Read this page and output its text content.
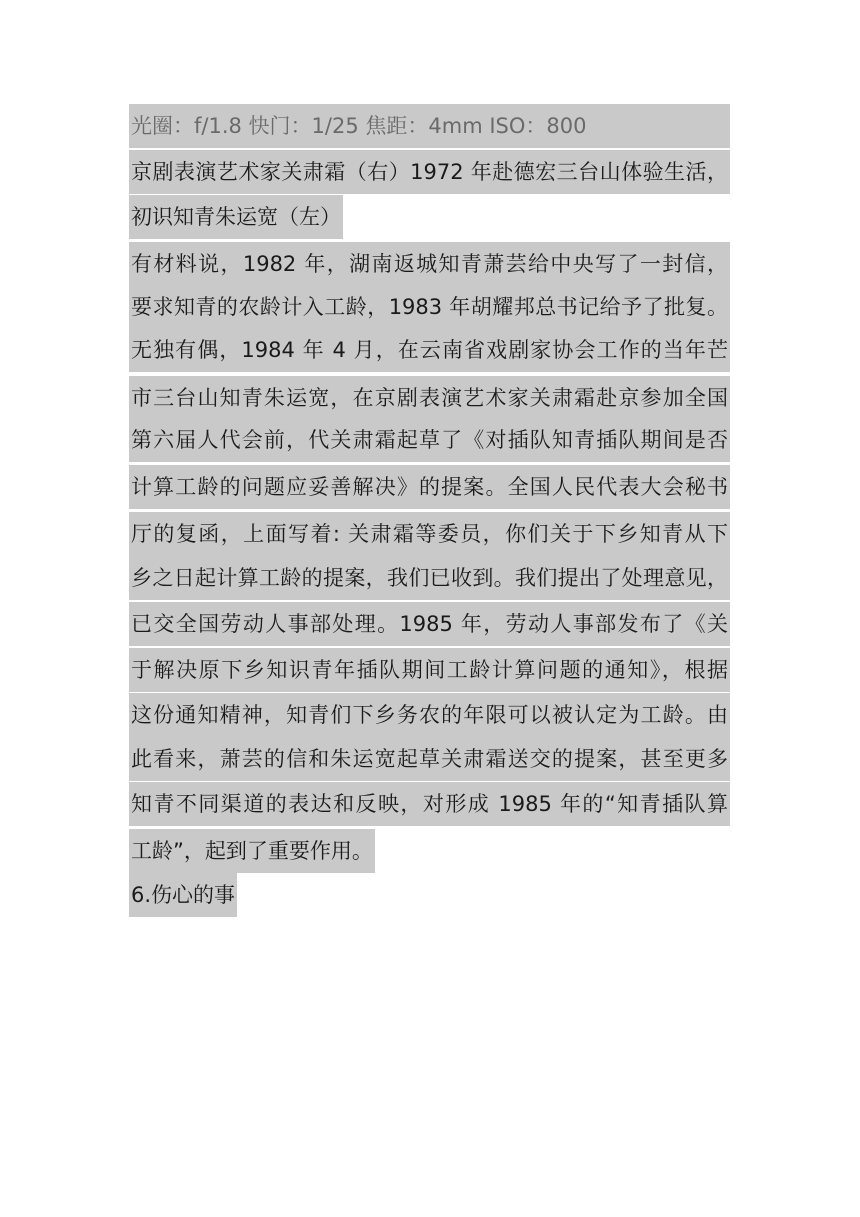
光圈：f/1.8 快门：1/25 焦距：4mm ISO：800
京剧表演艺术家关肃霜（右）1972 年赴德宏三台山体验生活，
初识知青朱运宽（左）
有材料说，1982 年，湖南返城知青萧芸给中央写了一封信，
要求知青的农龄计入工龄，1983 年胡耀邦总书记给予了批复。
无独有偶，1984 年 4 月，在云南省戏剧家协会工作的当年芒
市三台山知青朱运宽，在京剧表演艺术家关肃霜赴京参加全国
第六届人代会前，代关肃霜起草了《对插队知青插队期间是否
计算工龄的问题应妥善解决》的提案。全国人民代表大会秘书
厅的复函，上面写着: 关肃霜等委员，你们关于下乡知青从下
乡之日起计算工龄的提案，我们已收到。我们提出了处理意见，
已交全国劳动人事部处理。1985 年，劳动人事部发布了《关
于解决原下乡知识青年插队期间工龄计算问题的通知》，根据
这份通知精神，知青们下乡务农的年限可以被认定为工龄。由
此看来，萧芸的信和朱运宽起草关肃霜送交的提案，甚至更多
知青不同渠道的表达和反映，对形成 1985 年的“知青插队算
工龄”，起到了重要作用。
6.伤心的事
